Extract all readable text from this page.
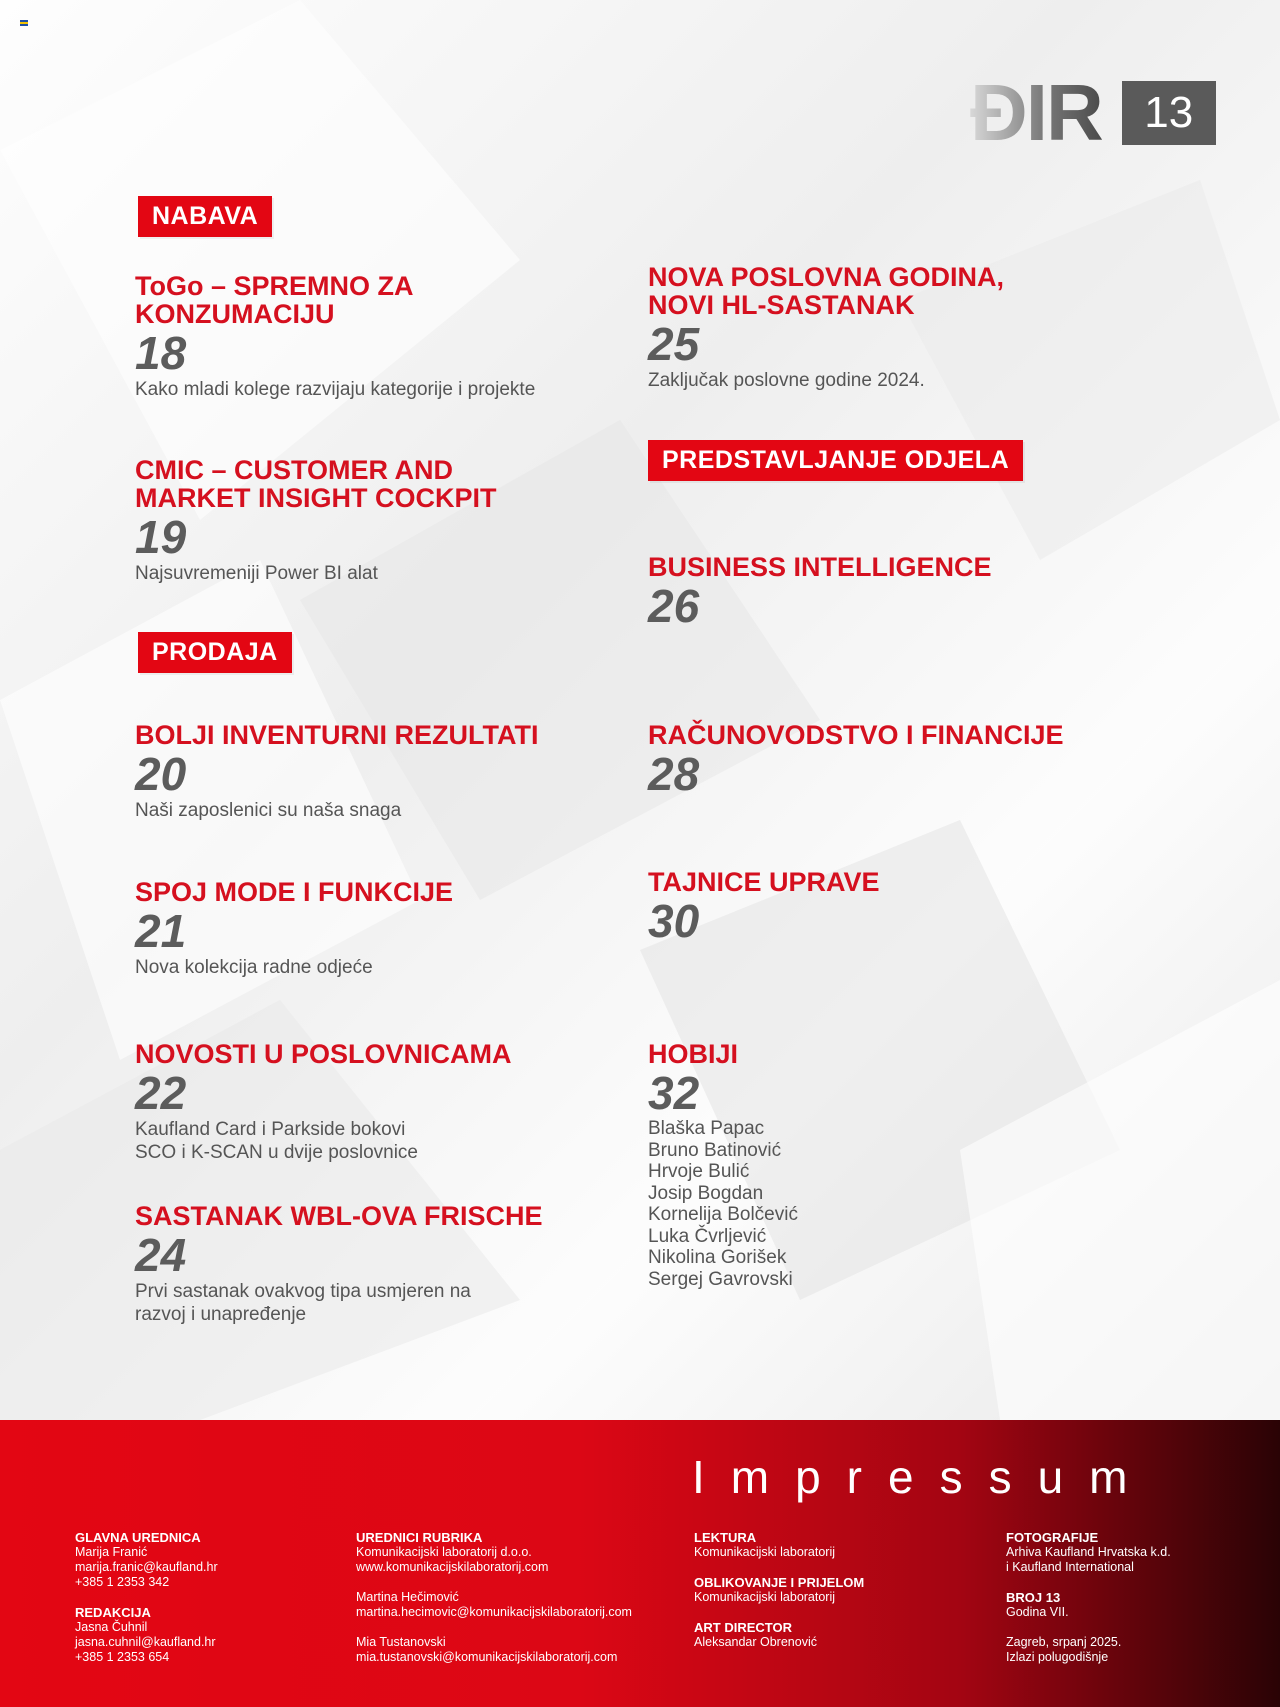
ĐIR 13
NABAVA
PRODAJA
PREDSTAVLJANJE ODJELA
ToGo – SPREMNO ZA KONZUMACIJU
18
Kako mladi kolege razvijaju kategorije i projekte
CMIC – CUSTOMER AND MARKET INSIGHT COCKPIT
19
Najsuvremeniji Power BI alat
BOLJI INVENTURNI REZULTATI
20
Naši zaposlenici su naša snaga
SPOJ MODE I FUNKCIJE
21
Nova kolekcija radne odjeće
NOVOSTI U POSLOVNICAMA
22
Kaufland Card i Parkside bokovi
SCO i K-SCAN u dvije poslovnice
SASTANAK WBL-OVA FRISCHE
24
Prvi sastanak ovakvog tipa usmjeren na razvoj i unapređenje
NOVA POSLOVNA GODINA, NOVI HL-SASTANAK
25
Zaključak poslovne godine 2024.
BUSINESS INTELLIGENCE
26
RAČUNOVODSTVO I FINANCIJE
28
TAJNICE UPRAVE
30
HOBIJI
32
Blaška Papac
Bruno Batinović
Hrvoje Bulić
Josip Bogdan
Kornelija Bolčević
Luka Čvrljević
Nikolina Gorišek
Sergej Gavrovski
Impressum
GLAVNA UREDNICA
Marija Franić
marija.franic@kaufland.hr
+385 1 2353 342
REDAKCIJA
Jasna Čuhnil
jasna.cuhnil@kaufland.hr
+385 1 2353 654
UREDNICI RUBRIKA
Komunikacijski laboratorij d.o.o.
www.komunikacijskilaboratorij.com
Martina Hečimović
martina.hecimovic@komunikacijskilaboratorij.com
Mia Tustanovski
mia.tustanovski@komunikacijskilaboratorij.com
LEKTURA
Komunikacijski laboratorij
OBLIKOVANJE I PRIJELOM
Komunikacijski laboratorij
ART DIRECTOR
Aleksandar Obrenović
FOTOGRAFIJE
Arhiva Kaufland Hrvatska k.d.
i Kaufland International
BROJ 13
Godina VII.
Zagreb, srpanj 2025.
Izlazi polugodišnje
